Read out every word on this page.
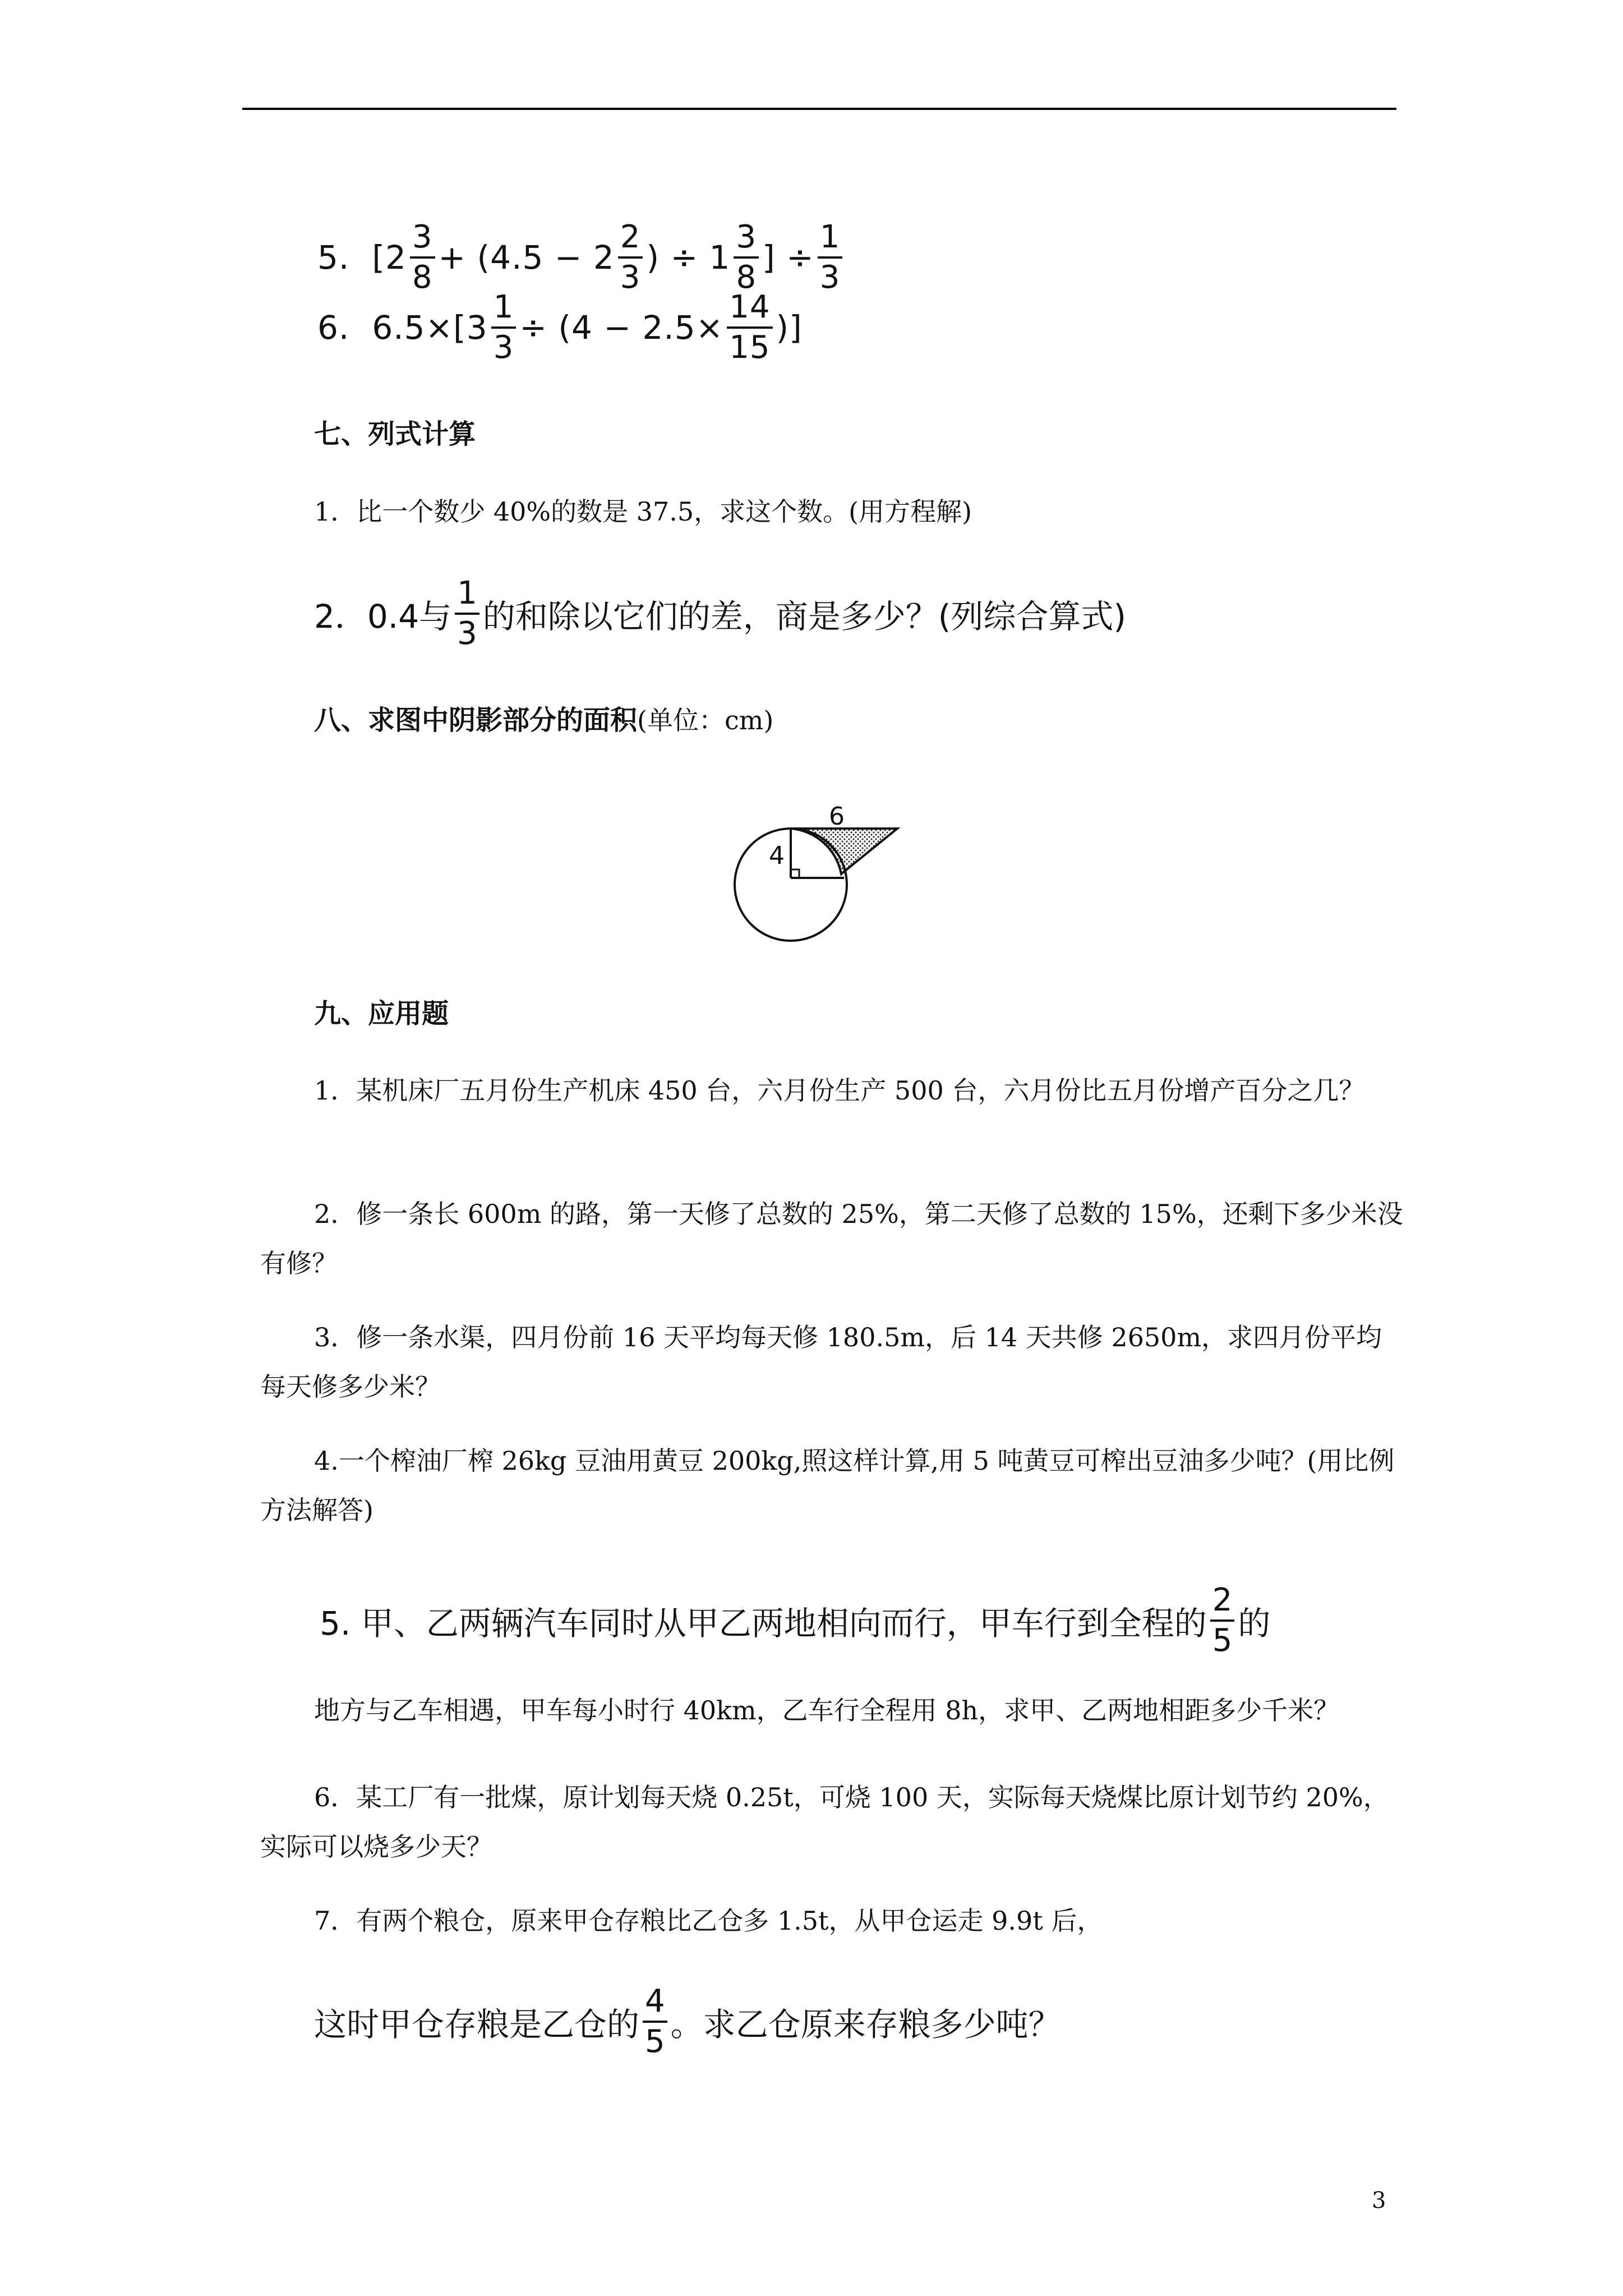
5. [$2 \frac{3}{8} + (4.5 - 2 \frac{2}{3}$ ) ÷ $1 \frac{3}{8}$ ] ÷ $\frac{1}{3}$
6. $6.5\times[3 \frac{1}{3} \div (4 - 2.5\times \frac{14}{15}$ )]
七、列式计算
1．比一个数少 40%的数是 37.5，求这个数。(用方程解)
2．0.4与 $\frac{1}{3}$ 的和除以它们的差，商是多少？(列综合算式)
八、求图中阴影部分的面积(单位：cm)
6
4
九、应用题
1．某机床厂五月份生产机床 450 台，六月份生产 500 台，六月份比五月份增产百分之几？
2．修一条长 600m 的路，第一天修了总数的 25%，第二天修了总数的 15%，还剩下多少米没有修？
3．修一条水渠，四月份前 16 天平均每天修 180.5m，后 14 天共修 2650m，求四月份平均每天修多少米？
4.一个榨油厂榨 26kg 豆油用黄豆 200kg,照这样计算,用 5 吨黄豆可榨出豆油多少吨？(用比例方法解答)
5. 甲、乙两辆汽车同时从甲乙两地相向而行，甲车行到全程的 $\frac{2}{5}$ 的
地方与乙车相遇，甲车每小时行 40km，乙车行全程用 8h，求甲、乙两地相距多少千米？
6．某工厂有一批煤，原计划每天烧 0.25t，可烧 100 天，实际每天烧煤比原计划节约 20%，实际可以烧多少天？
7．有两个粮仓，原来甲仓存粮比乙仓多 1.5t，从甲仓运走 9.9t 后，
这时甲仓存粮是乙仓的 $\frac{4}{5}$ 。求乙仓原来存粮多少吨？
3
